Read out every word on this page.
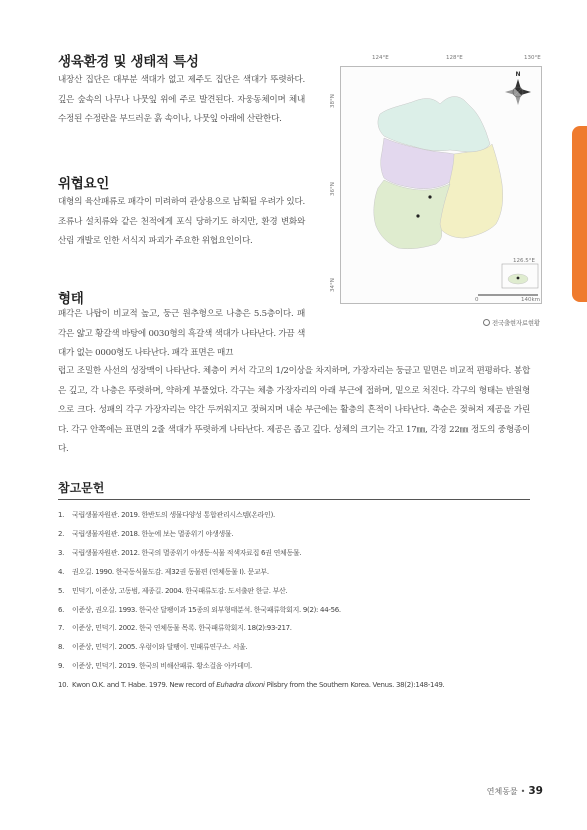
생육환경 및 생태적 특성

내장산 집단은 대부분 색대가 없고 제주도 집단은 색대가 뚜렷하다. 깊은 숲속의 나무나 나뭇잎 위에 주로 발견된다. 자웅동체이며 체내 수정된 수정란을 부드러운 흙 속이나, 나뭇잎 아래에 산란한다.

위협요인

대형의 육산패류로 패각이 미려하여 관상용으로 남획될 우려가 있다. 조류나 설치류와 같은 천적에게 포식 당하기도 하지만, 환경 변화와 산림 개발로 인한 서식지 파괴가 주요한 위협요인이다.

형태

패각은 나탑이 비교적 높고, 둥근 원추형으로 나층은 5.5층이다. 패각은 얇고 황갈색 바탕에 0030형의 흑갈색 색대가 나타난다. 가끔 색대가 없는 0000형도 나타난다. 패각 표면은 매끄

럽고 조밀한 사선의 성장맥이 나타난다. 체층이 커서 각고의 1/2이상을 차지하며, 가장자리는 둥글고 밑면은 비교적 편평하다. 봉합은 깊고, 각 나층은 뚜렷하며, 약하게 부풀었다. 각구는 체층 가장자리의 아래 부근에 접하며, 밑으로 처진다. 각구의 형태는 반원형으로 크다. 성패의 각구 가장자리는 약간 두꺼워지고 젖혀지며 내순 부근에는 활층의 흔적이 나타난다. 축순은 젖혀져 제공을 가린다. 각구 안쪽에는 표면의 2줄 색대가 뚜렷하게 나타난다. 제공은 좁고 깊다. 성체의 크기는 각고 17㎜, 각경 22㎜ 정도의 중형종이다.

124°E	128°E	130°E
38°N
36°N
34°N
N
126.5°E
0	140km
전국출현자료현황
참고문헌
1. 국립생물자원관. 2019. 한반도의 생물다양성 통합관리시스템(온라인).
2. 국립생물자원관. 2018. 한눈에 보는 멸종위기 야생생물.
3. 국립생물자원관. 2012. 한국의 멸종위기 야생동·식물 적색자료집 6권 연체동물.
4. 권오길. 1990. 한국동식물도감. 제32권 동물편 (연체동물 Ⅰ). 문교부.
5. 민덕기, 이준상, 고동범, 제종길. 2004. 한국패류도감. 도서출판 한글. 부산.
6. 이준상, 권오길. 1993. 한국산 달팽이과 15종의 외부형태분석. 한국패류학회지. 9(2): 44-56.
7. 이준상, 민덕기. 2002. 한국 연체동물 목록. 한국패류학회지. 18(2):93-217.
8. 이준상, 민덕기. 2005. 우렁이와 달팽이. 민패류연구소. 서울.
9. 이준상, 민덕기. 2019. 한국의 비해산패류. 황소걸음 아카데미.
10. Kwon O.K. and T. Habe. 1979. New record of Euhadra dixoni Pilsbry from the Southern Korea. Venus. 38(2):148-149.
연체동물 • 39
